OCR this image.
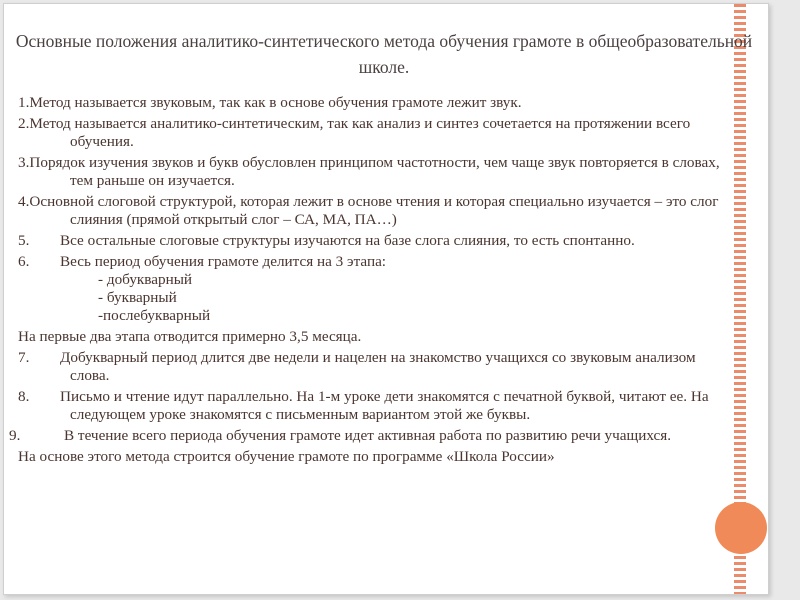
Основные положения аналитико-синтетического метода обучения грамоте в общеобразовательной школе.

1.Метод называется звуковым, так как в основе обучения грамоте лежит звук.

2.Метод называется аналитико-синтетическим, так как анализ и синтез сочетается на протяжении всего обучения.

3.Порядок изучения звуков и букв обусловлен принципом частотности, чем чаще звук повторяется в словах, тем раньше он изучается.

4.Основной слоговой структурой, которая лежит в основе чтения и которая специально изучается – это слог слияния (прямой открытый слог – СА, МА, ПА…)

5. Все остальные слоговые структуры изучаются на базе слога слияния, то есть спонтанно.

6. Весь период обучения грамоте делится на 3 этапа:

- добукварный

- букварный

-послебукварный

На первые два этапа отводится примерно 3,5 месяца.

7. Добукварный период длится две недели и нацелен на знакомство учащихся со звуковым анализом слова.

8. Письмо и чтение идут параллельно. На 1-м уроке дети знакомятся с печатной буквой, читают ее. На следующем уроке знакомятся с письменным вариантом этой же буквы.

9.	В течение всего периода обучения грамоте идет активная работа по развитию речи учащихся.

На основе этого метода строится обучение грамоте по программе «Школа России»
